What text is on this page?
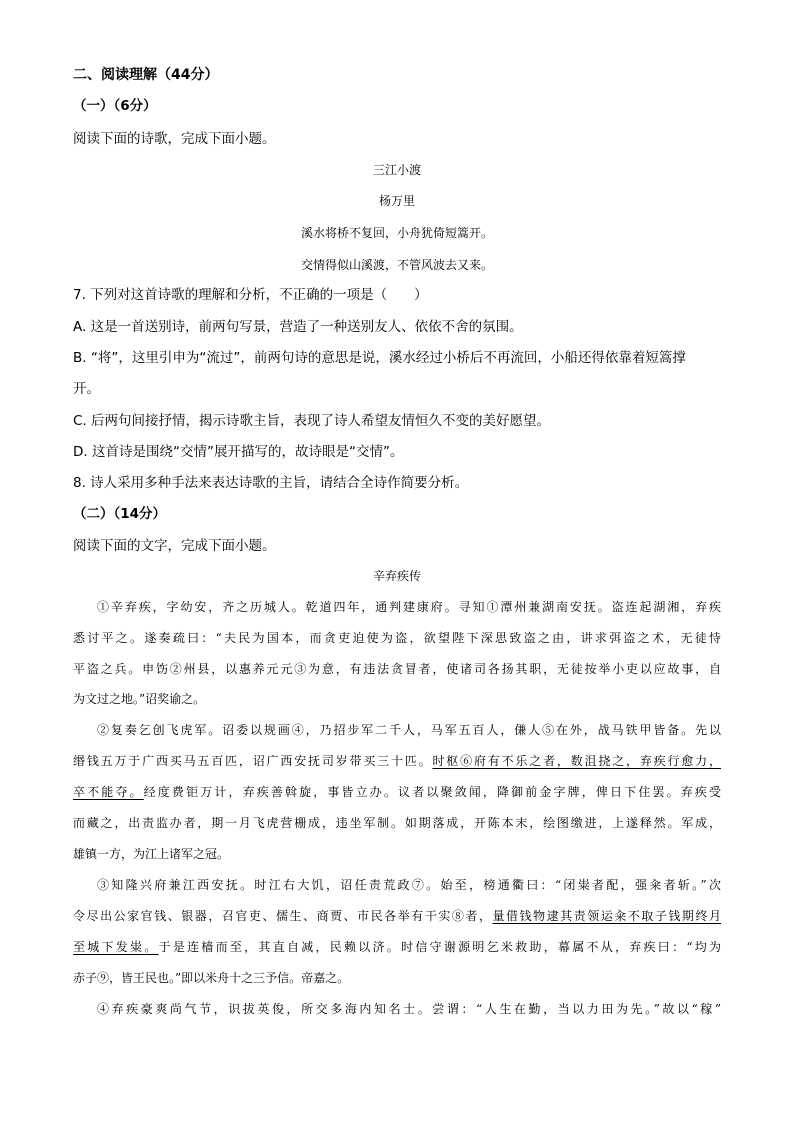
二、阅读理解（44分）
（一）（6分）
阅读下面的诗歌，完成下面小题。
三江小渡
杨万里
溪水将桥不复回，小舟犹倚短篙开。
交情得似山溪渡，不管风波去又来。
7. 下列对这首诗歌的理解和分析，不正确的一项是（　　）
A. 这是一首送别诗，前两句写景，营造了一种送别友人、依依不舍的氛围。
B. “将”，这里引申为“流过”，前两句诗的意思是说，溪水经过小桥后不再流回，小船还得依靠着短篙撑
开。
C. 后两句间接抒情，揭示诗歌主旨，表现了诗人希望友情恒久不变的美好愿望。
D. 这首诗是围绕“交情”展开描写的，故诗眼是“交情”。
8. 诗人采用多种手法来表达诗歌的主旨，请结合全诗作简要分析。
（二）（14分）
阅读下面的文字，完成下面小题。
辛弃疾传
①辛弃疾，字幼安，齐之历城人。乾道四年，通判建康府。寻知①潭州兼湖南安抚。盗连起湖湘，弃疾
悉讨平之。遂奏疏曰：“夫民为国本，而贪吏迫使为盗，欲望陛下深思致盗之由，讲求弭盗之术，无徒恃
平盗之兵。申饬②州县，以惠养元元③为意，有违法贪冒者，使诸司各扬其职，无徒按举小吏以应故事，自
为文过之地。”诏奖谕之。
②复奏乞创飞虎军。诏委以规画④，乃招步军二千人，马军五百人，傔人⑤在外，战马铁甲皆备。先以
缗钱五万于广西买马五百匹，诏广西安抚司岁带买三十匹。时枢⑥府有不乐之者，数沮挠之，弃疾行愈力，
卒不能夺。经度费钜万计，弃疾善斡旋，事皆立办。议者以聚敛闻，降御前金字牌，俾日下住罢。弃疾受
而藏之，出责监办者，期一月飞虎营栅成，违坐军制。如期落成，开陈本末，绘图缴进，上遂释然。军成，
雄镇一方，为江上诸军之冠。
③知隆兴府兼江西安抚。时江右大饥，诏任责荒政⑦。始至，榜通衢曰：“闭粜者配，强籴者斩。”次
令尽出公家官钱、银器，召官吏、儒生、商贾、市民各举有干实⑧者，量借钱物逮其责领运籴不取子钱期终月
至城下发粜。于是连樯而至，其直自减，民赖以济。时信守谢源明乞米救助，幕属不从，弃疾曰：“均为
赤子⑨，皆王民也。”即以米舟十之三予信。帝嘉之。
④弃疾豪爽尚气节，识拔英俊，所交多海内知名士。尝谓：“人生在勤，当以力田为先。”故以“稼”
